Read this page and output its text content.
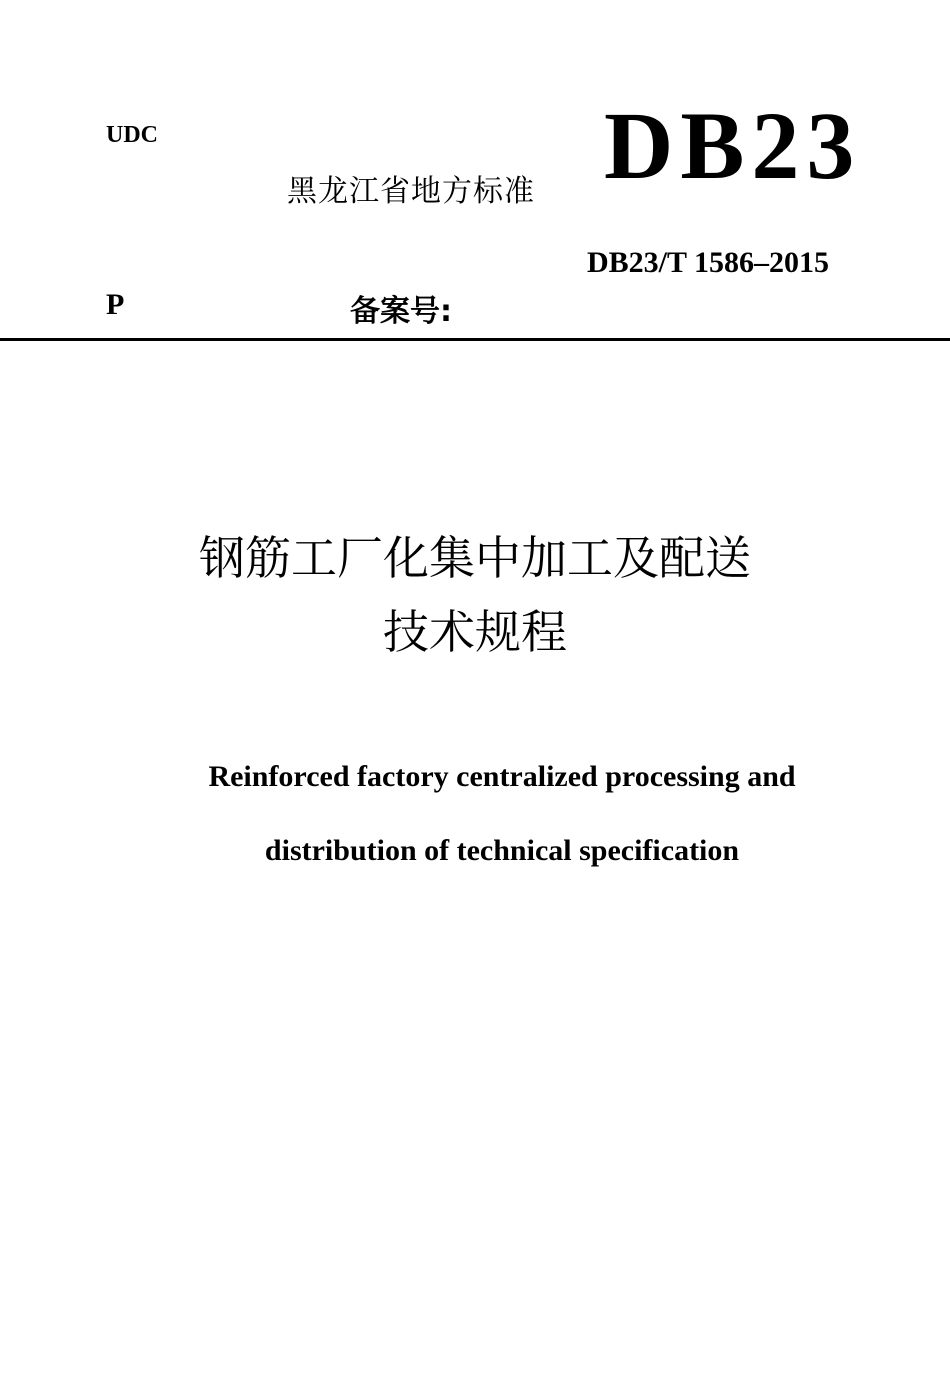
UDC
黑龙江省地方标准 DB23
DB23/T 1586–2015
P	备案号:
钢筋工厂化集中加工及配送
技术规程
Reinforced factory centralized processing and
distribution of technical specification
